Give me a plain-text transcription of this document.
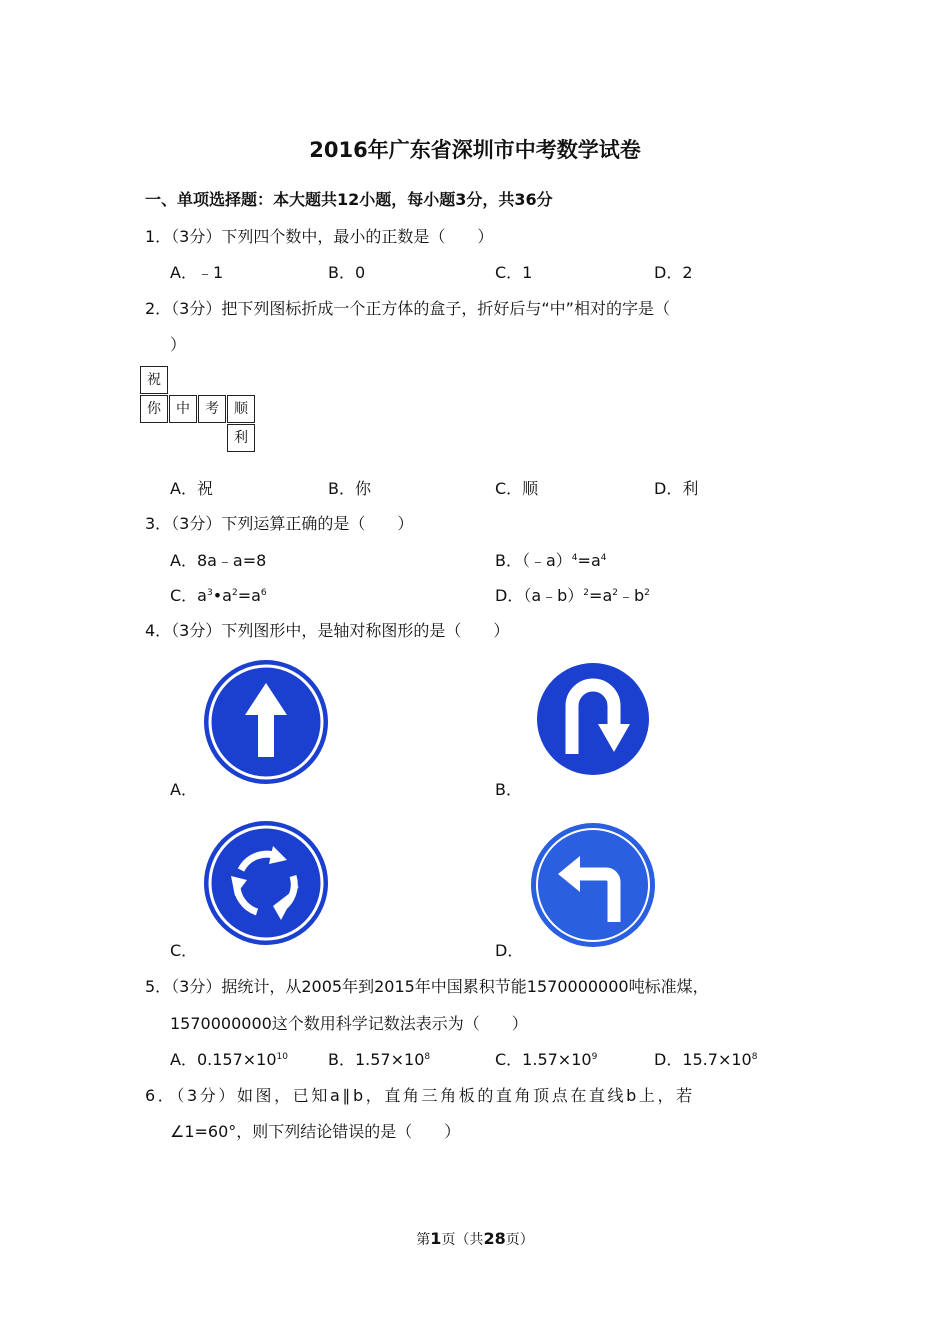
2016年广东省深圳市中考数学试卷
一、单项选择题：本大题共12小题，每小题3分，共36分
1．（3分）下列四个数中，最小的正数是（　　）
A．﹣1	B．0	C．1	D．2
2．（3分）把下列图标折成一个正方体的盒子，折好后与“中”相对的字是（
）
祝
你	中	考	顺
利
A．祝	B．你	C．顺	D．利
3．（3分）下列运算正确的是（　　）
A．8a﹣a=8	B．$(﹣a)^4=a^4$
C．$a^3•a^2=a^6$	D．$(a﹣b)^2=a^2﹣b^2$
4．（3分）下列图形中，是轴对称图形的是（　　）
A．	B．
C．	D．
5．（3分）据统计，从2005年到2015年中国累积节能1570000000吨标准煤，
1570000000这个数用科学记数法表示为（　　）
A．$0.157\times 10^{10}$	B．$1.57\times 10^8$	C．$1.57\times 10^9$	D．$15.7\times 10^8$
6．（3分）如图，已知a∥b，直角三角板的直角顶点在直线b上，若
∠1=60°，则下列结论错误的是（　　）
第1页（共28页）
